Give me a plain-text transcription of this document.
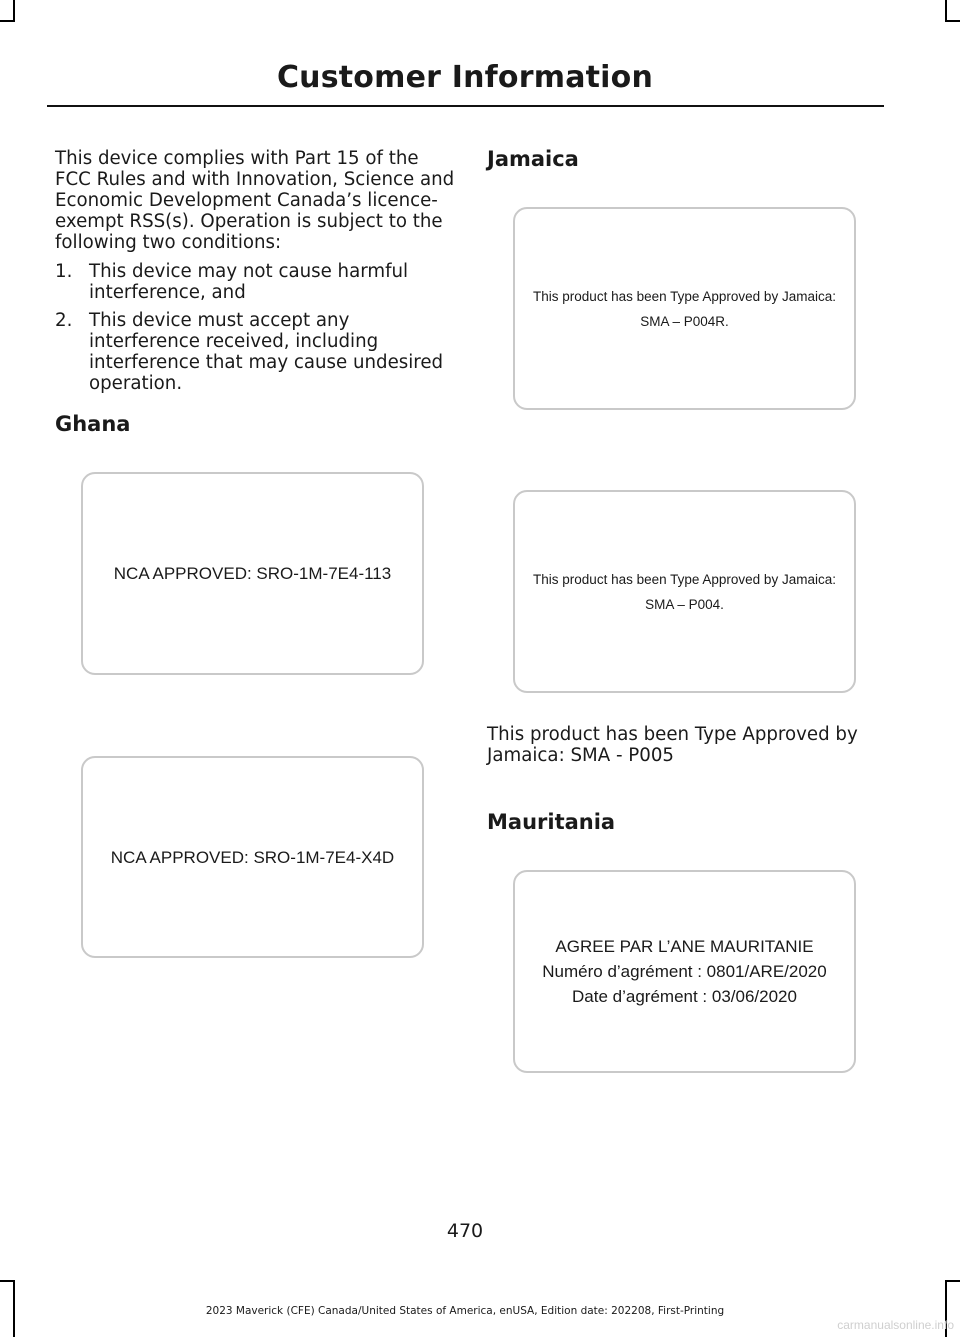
Customer Information

This device complies with Part 15 of the FCC Rules and with Innovation, Science and Economic Development Canada’s licence-exempt RSS(s). Operation is subject to the following two conditions:

1. This device may not cause harmful interference, and
2. This device must accept any interference received, including interference that may cause undesired operation.
Ghana
NCA APPROVED: SRO-1M-7E4-113
NCA APPROVED: SRO-1M-7E4-X4D
Jamaica
This product has been Type Approved by Jamaica:
SMA – P004R.
This product has been Type Approved by Jamaica:
SMA – P004.

This product has been Type Approved by Jamaica: SMA - P005

Mauritania
AGREE PAR L’ANE MAURITANIE
Numéro d’agrément : 0801/ARE/2020
Date d’agrément : 03/06/2020
470
2023 Maverick (CFE) Canada/United States of America, enUSA, Edition date: 202208, First-Printing
carmanualsonline.info
